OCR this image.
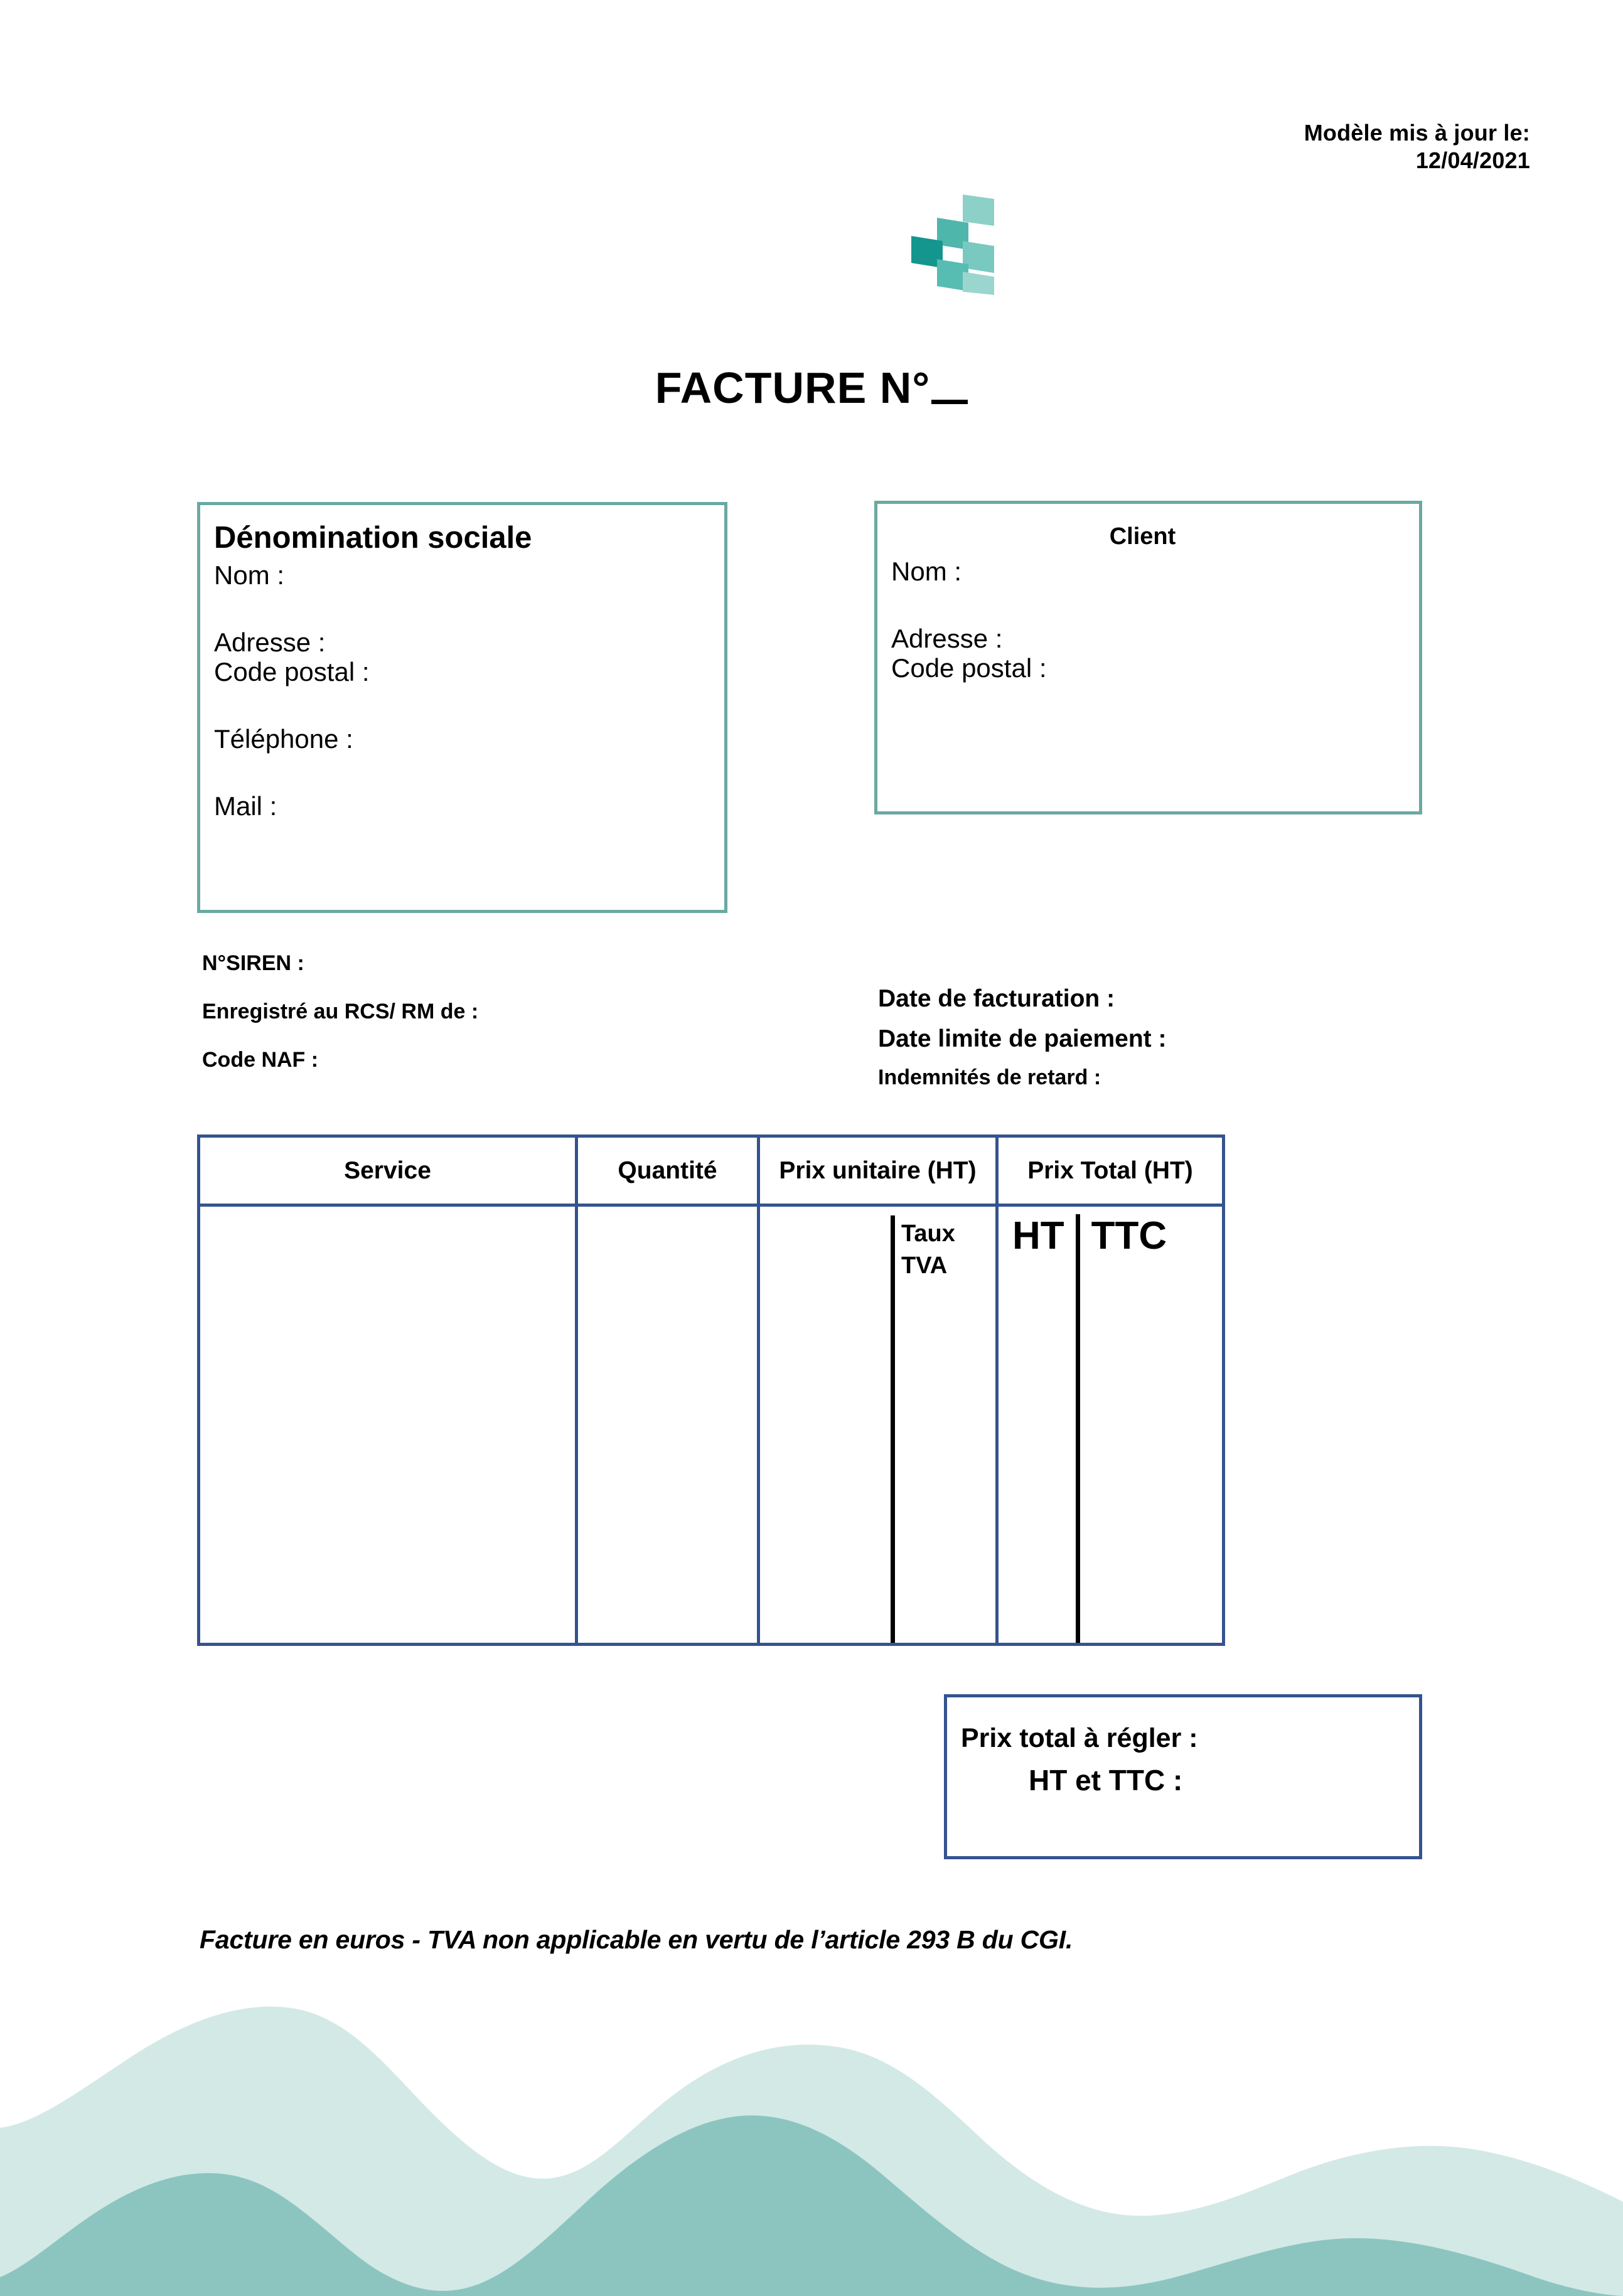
Modèle mis à jour le:
12/04/2021
FACTURE N°
Dénomination sociale
Nom :
Adresse :
Code postal :
Téléphone :
Mail :
Client
Nom :
Adresse :
Code postal :
N°SIREN :
Enregistré au RCS/ RM de :
Code NAF :
Date de facturation :
Date limite de paiement :
Indemnités de retard :
Service	Quantité	Prix unitaire (HT) Prix Total (HT)
Taux
TVA
HT TTC
Prix total à régler :
HT et TTC :
Facture en euros - TVA non applicable en vertu de l’article 293 B du CGI.
